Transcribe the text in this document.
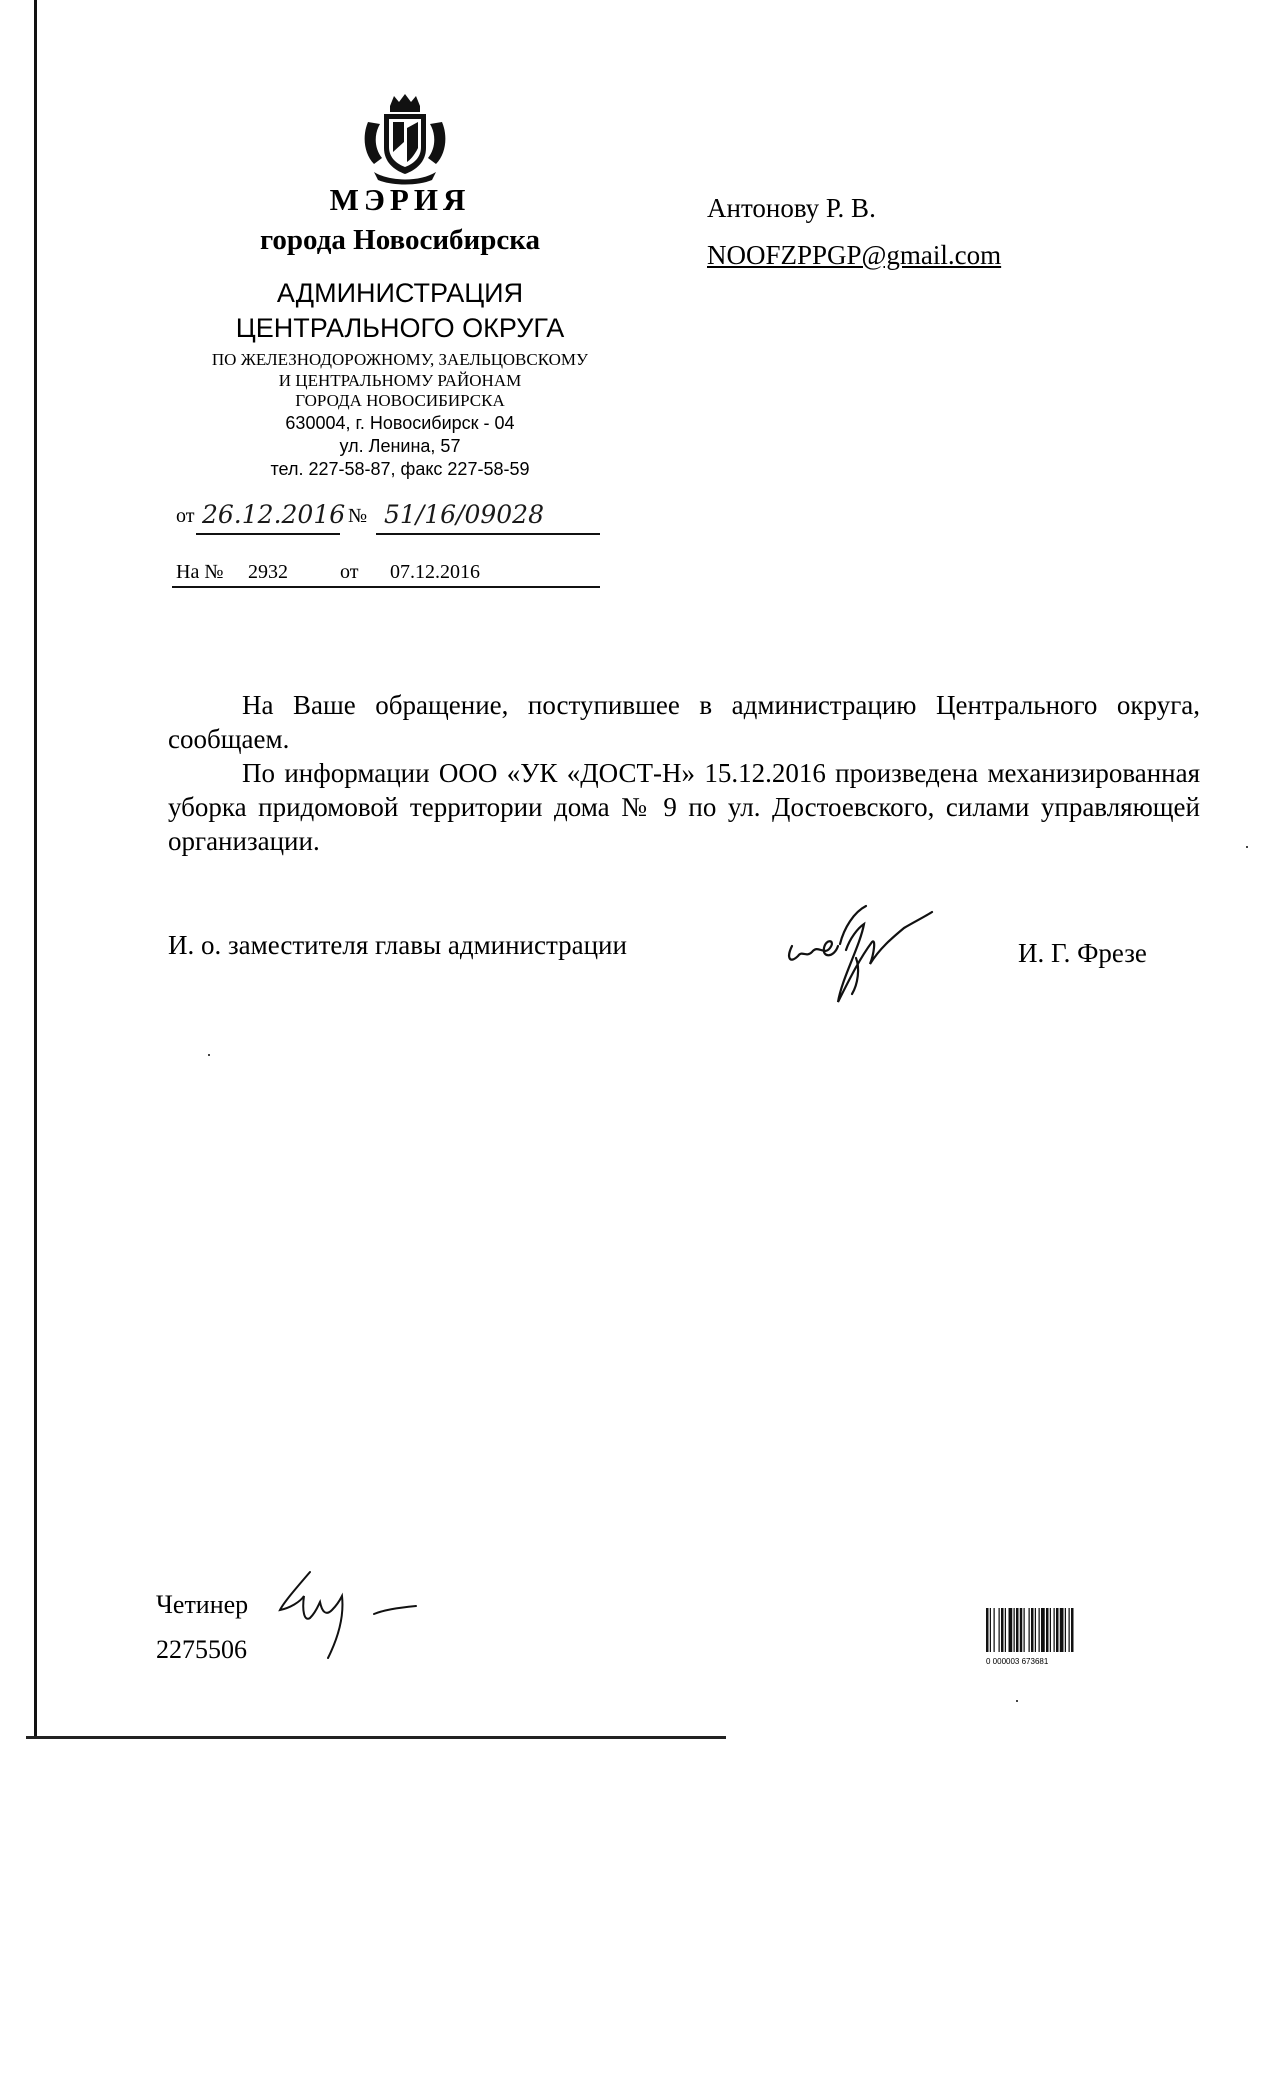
МЭРИЯ
города Новосибирска
АДМИНИСТРАЦИЯ
ЦЕНТРАЛЬНОГО ОКРУГА
ПО ЖЕЛЕЗНОДОРОЖНОМУ, ЗАЕЛЬЦОВСКОМУ
И ЦЕНТРАЛЬНОМУ РАЙОНАМ
ГОРОДА НОВОСИБИРСКА
630004, г. Новосибирск - 04
ул. Ленина, 57
тел. 227-58-87, факс 227-58-59
от 26.12.2016 № 51/16/09028
На № 2932	от 07.12.2016
Антонову Р. В.
NOOFZPPGP@gmail.com

На Ваше обращение, поступившее в администрацию Центрального округа, сообщаем.

По информации ООО «УК «ДОСТ-Н» 15.12.2016 произведена механизированная уборка придомовой территории дома № 9 по ул. Достоевского, силами управляющей организации.

И. о. заместителя главы администрации	И. Г. Фрезе
Четинер
2275506	0 000003 673681
